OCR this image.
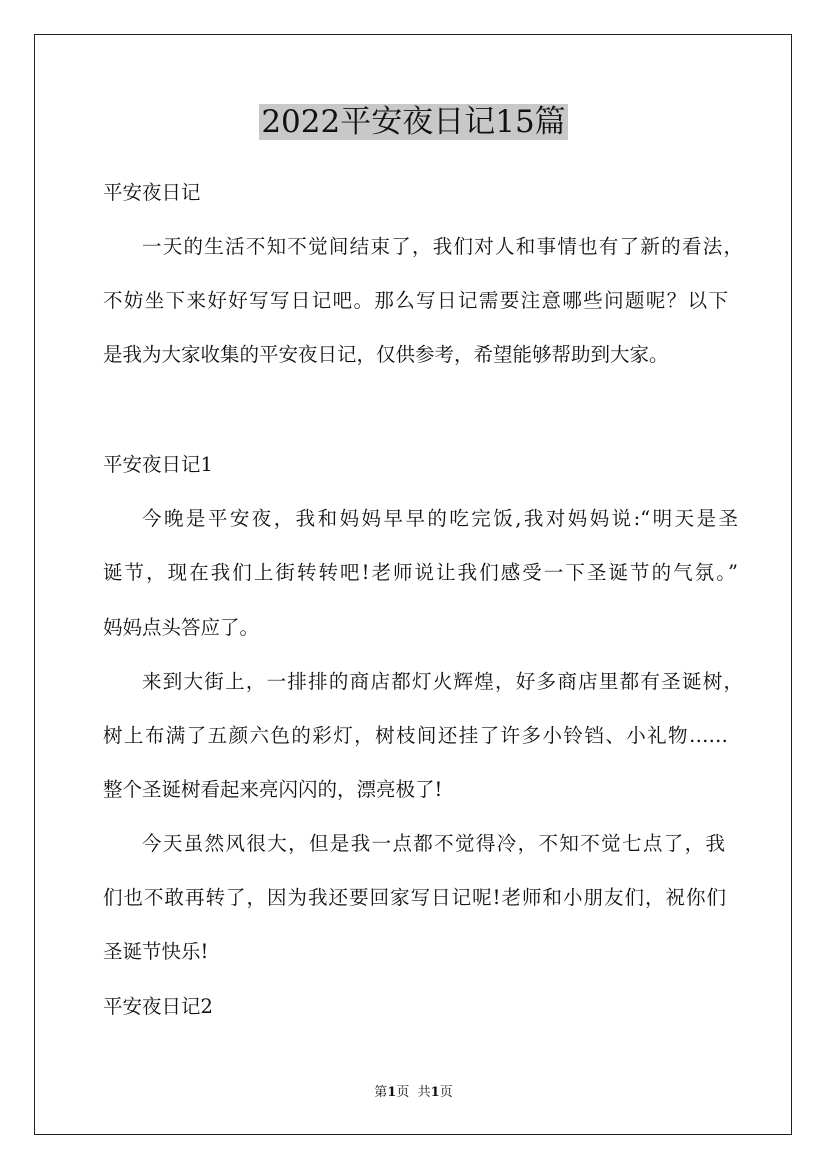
2022平安夜日记15篇
平安夜日记
一天的生活不知不觉间结束了，我们对人和事情也有了新的看法，
不妨坐下来好好写写日记吧。那么写日记需要注意哪些问题呢？以下
是我为大家收集的平安夜日记，仅供参考，希望能够帮助到大家。
平安夜日记1
今晚是平安夜，我和妈妈早早的吃完饭,我对妈妈说:“明天是圣
诞节，现在我们上街转转吧!老师说让我们感受一下圣诞节的气氛。”
妈妈点头答应了。
来到大街上，一排排的商店都灯火辉煌，好多商店里都有圣诞树，
树上布满了五颜六色的彩灯，树枝间还挂了许多小铃铛、小礼物……
整个圣诞树看起来亮闪闪的，漂亮极了!
今天虽然风很大，但是我一点都不觉得冷，不知不觉七点了，我
们也不敢再转了，因为我还要回家写日记呢!老师和小朋友们，祝你们
圣诞节快乐!
平安夜日记2
第1页 共1页
